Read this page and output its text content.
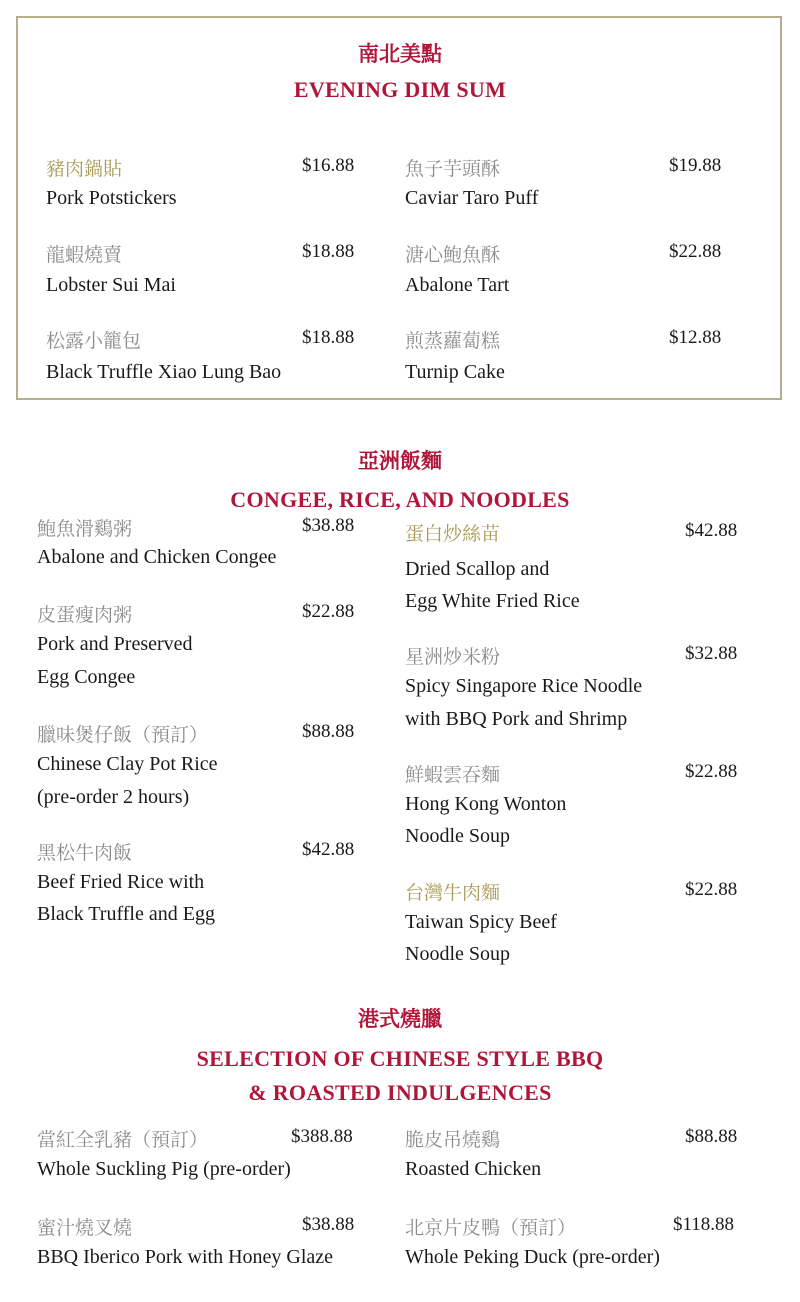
南北美點
EVENING DIM SUM
豬肉鍋貼	$16.88
Pork Potstickers
魚子芋頭酥	$19.88
Caviar Taro Puff
龍蝦燒賣	$18.88
Lobster Sui Mai
溏心鮑魚酥	$22.88
Abalone Tart
松露小籠包	$18.88
Black Truffle Xiao Lung Bao
煎蒸蘿蔔糕	$12.88
Turnip Cake
亞洲飯麵
CONGEE, RICE, AND NOODLES
鮑魚滑鷄粥	$38.88
Abalone and Chicken Congee
皮蛋瘦肉粥	$22.88
Pork and Preserved
Egg Congee
臘味煲仔飯（預訂）	$88.88
Chinese Clay Pot Rice
(pre-order 2 hours)
黑松牛肉飯	$42.88
Beef Fried Rice with
Black Truffle and Egg
蛋白炒絲苗	$42.88
Dried Scallop and
Egg White Fried Rice
星洲炒米粉	$32.88
Spicy Singapore Rice Noodle
with BBQ Pork and Shrimp
鮮蝦雲吞麵	$22.88
Hong Kong Wonton
Noodle Soup
台灣牛肉麵	$22.88
Taiwan Spicy Beef
Noodle Soup
港式燒臘
SELECTION OF CHINESE STYLE BBQ
& ROASTED INDULGENCES
當紅全乳豬（預訂）	$388.88
Whole Suckling Pig (pre-order)
脆皮吊燒鷄	$88.88
Roasted Chicken
蜜汁燒叉燒	$38.88
BBQ Iberico Pork with Honey Glaze
北京片皮鴨（預訂）	$118.88
Whole Peking Duck (pre-order)
